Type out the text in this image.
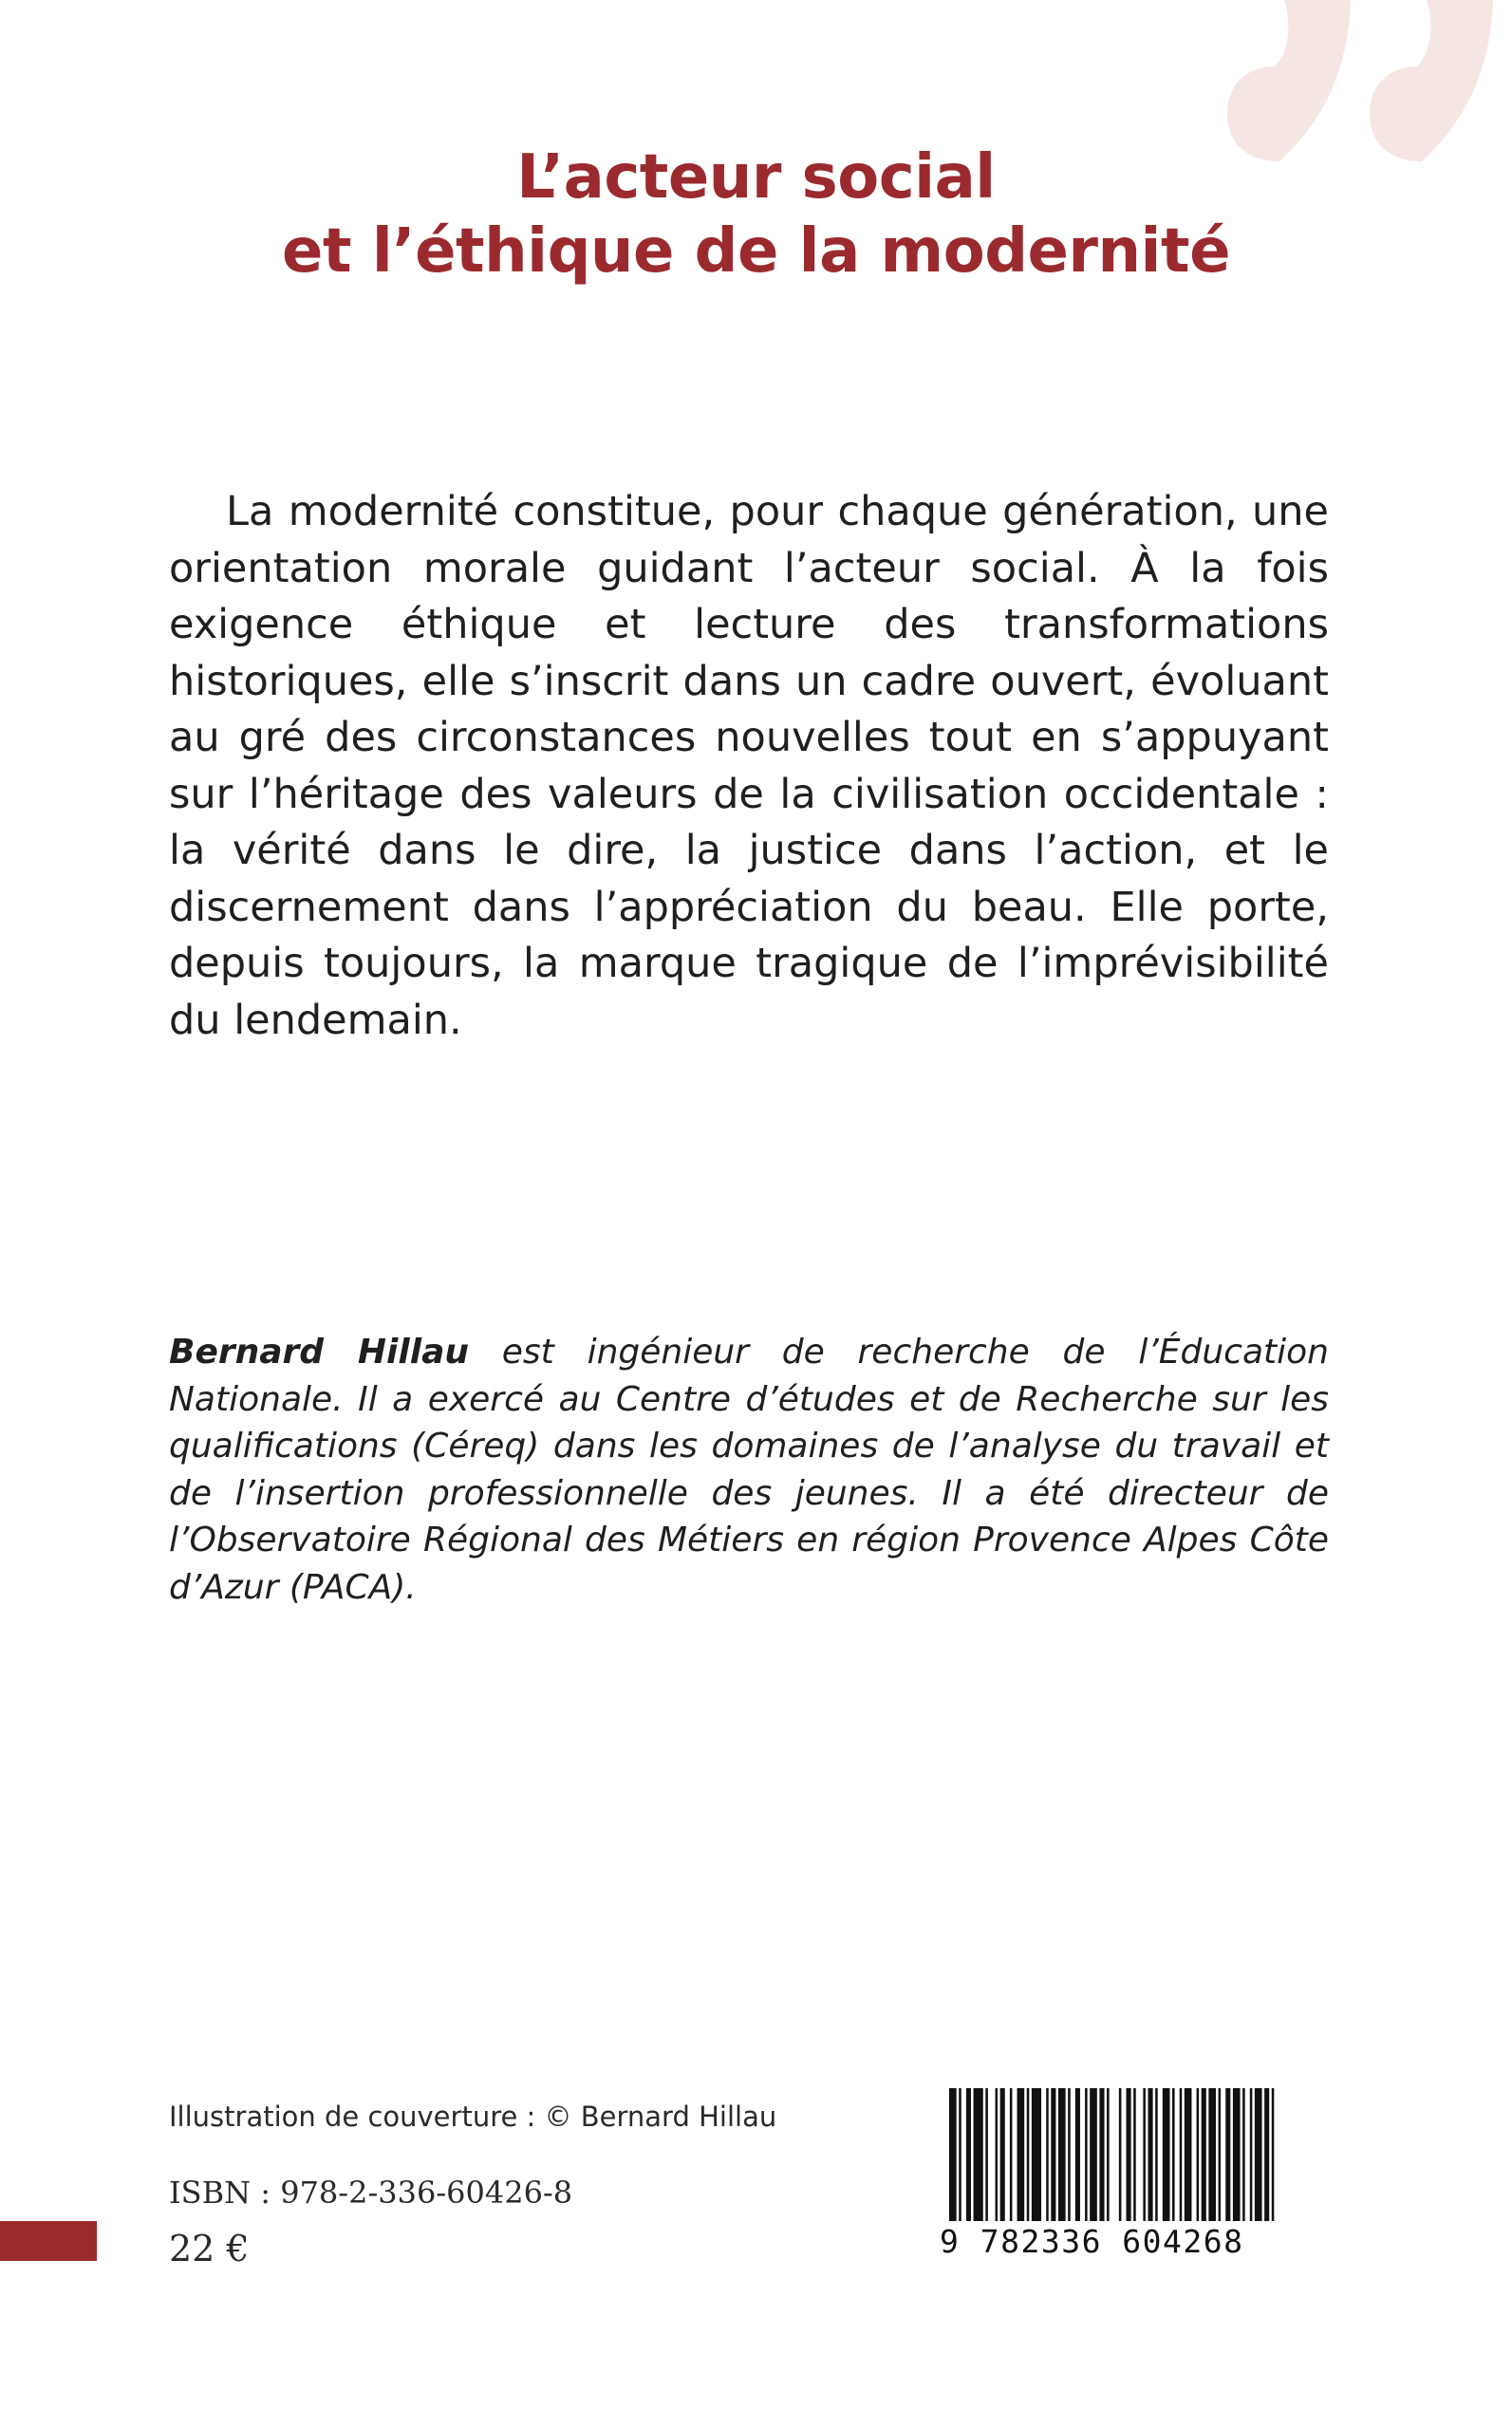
L’acteur social
et l’éthique de la modernité

La modernité constitue, pour chaque génération, une orientation morale guidant l’acteur social. À la fois exigence éthique et lecture des transformations historiques, elle s’inscrit dans un cadre ouvert, évoluant au gré des circonstances nouvelles tout en s’appuyant sur l’héritage des valeurs de la civilisation occidentale : la vérité dans le dire, la justice dans l’action, et le discernement dans l’appréciation du beau. Elle porte, depuis toujours, la marque tragique de l’imprévisibilité du lendemain.

Bernard Hillau est ingénieur de recherche de l’Éducation Nationale. Il a exercé au Centre d’études et de Recherche sur les qualifications (Céreq) dans les domaines de l’analyse du travail et de l’insertion professionnelle des jeunes. Il a été directeur de l’Observatoire Régional des Métiers en région Provence Alpes Côte d’Azur (PACA).

Illustration de couverture : © Bernard Hillau
ISBN : 978-2-336-60426-8
22 €	9 782336 604268
